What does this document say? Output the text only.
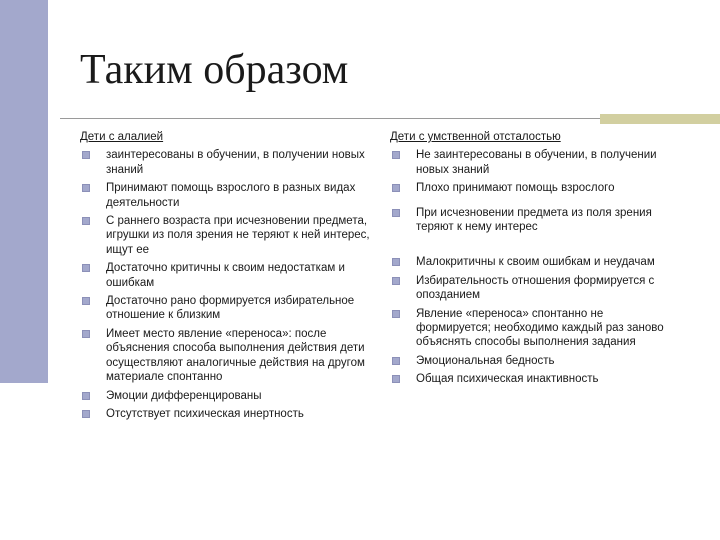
Таким образом
Дети с алалией
заинтересованы в обучении, в получении новых знаний
Принимают помощь взрослого в разных видах деятельности
С раннего возраста при исчезновении предмета, игрушки из поля зрения не теряют к ней интерес, ищут ее
Достаточно критичны к своим недостаткам и ошибкам
Достаточно рано формируется избирательное отношение к близким
Имеет место явление «переноса»: после объяснения способа выполнения действия дети осуществляют аналогичные действия на другом материале спонтанно
Эмоции дифференцированы
Отсутствует психическая инертность
Дети с умственной отсталостью
Не заинтересованы в обучении, в получении новых знаний
Плохо принимают помощь взрослого
При исчезновении предмета из поля зрения теряют к нему интерес
Малокритичны к своим ошибкам и неудачам
Избирательность отношения формируется с опозданием
Явление «переноса» спонтанно не формируется; необходимо каждый раз заново объяснять способы выполнения задания
Эмоциональная бедность
Общая психическая инактивность
